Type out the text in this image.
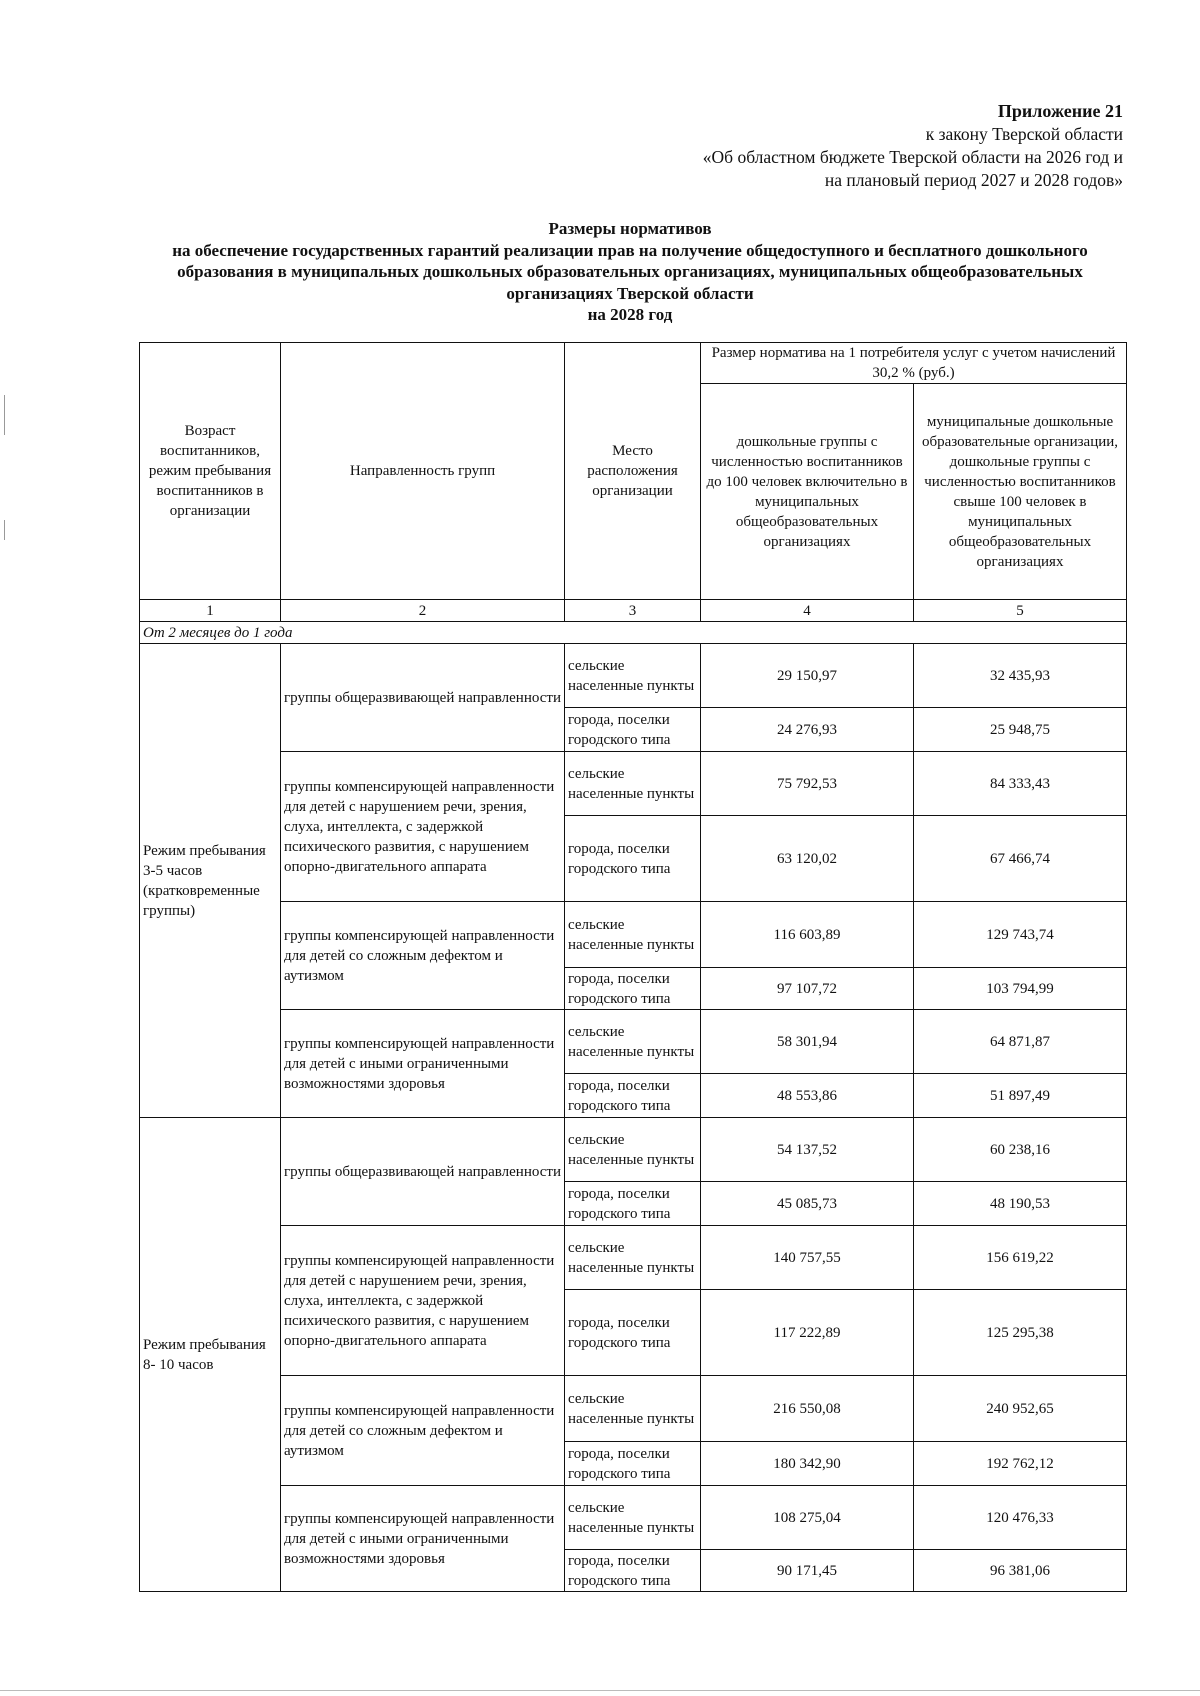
Приложение 21
к закону Тверской области
«Об областном бюджете Тверской области на 2026 год и
на плановый период 2027 и 2028 годов»
Размеры нормативов
на обеспечение государственных гарантий реализации прав на получение общедоступного и бесплатного дошкольного
образования в муниципальных дошкольных образовательных организациях, муниципальных общеобразовательных
организациях Тверской области
на 2028 год
Возраст воспитанников, режим пребывания воспитанников в организации	Направленность групп	Место расположения организации	Размер норматива на 1 потребителя услуг с учетом начислений 30,2 % (руб.)	
			дошкольные группы с численностью воспитанников до 100 человек включительно в муниципальных общеобразовательных организациях	муниципальные дошкольные образовательные организации, дошкольные группы с численностью воспитанников свыше 100 человек в муниципальных общеобразовательных организациях
1	2	3	4	5
От 2 месяцев до 1 года				
Режим пребывания 3-5 часов (кратковременные группы)	группы общеразвивающей направленности	сельские населенные пункты	29 150,97	32 435,93
		города, поселки городского типа	24 276,93	25 948,75
	группы компенсирующей направленности для детей с нарушением речи, зрения, слуха, интеллекта, с задержкой психического развития, с нарушением опорно-двигательного аппарата	сельские населенные пункты	75 792,53	84 333,43
		города, поселки городского типа	63 120,02	67 466,74
	группы компенсирующей направленности для детей со сложным дефектом и аутизмом	сельские населенные пункты	116 603,89	129 743,74
		города, поселки городского типа	97 107,72	103 794,99
	группы компенсирующей направленности для детей с иными ограниченными возможностями здоровья	сельские населенные пункты	58 301,94	64 871,87
		города, поселки городского типа	48 553,86	51 897,49
Режим пребывания 8- 10 часов	группы общеразвивающей направленности	сельские населенные пункты	54 137,52	60 238,16
		города, поселки городского типа	45 085,73	48 190,53
	группы компенсирующей направленности для детей с нарушением речи, зрения, слуха, интеллекта, с задержкой психического развития, с нарушением опорно-двигательного аппарата	сельские населенные пункты	140 757,55	156 619,22
		города, поселки городского типа	117 222,89	125 295,38
	группы компенсирующей направленности для детей со сложным дефектом и аутизмом	сельские населенные пункты	216 550,08	240 952,65
		города, поселки городского типа	180 342,90	192 762,12
	группы компенсирующей направленности для детей с иными ограниченными возможностями здоровья	сельские населенные пункты	108 275,04	120 476,33
		города, поселки городского типа	90 171,45	96 381,06
